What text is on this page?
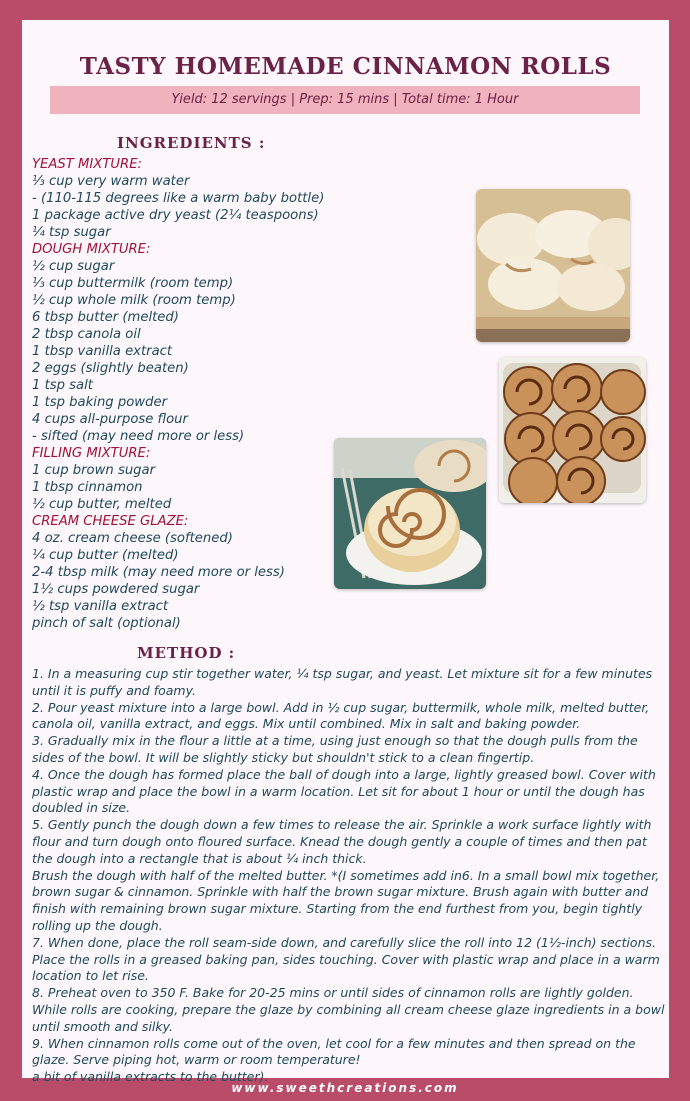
TASTY HOMEMADE CINNAMON ROLLS
Yield: 12 servings | Prep: 15 mins | Total time: 1 Hour
INGREDIENTS :
YEAST MIXTURE:
⅓ cup very warm water
- (110-115 degrees like a warm baby bottle)
1 package active dry yeast (2¼ teaspoons)
¼ tsp sugar
DOUGH MIXTURE:
½ cup sugar
⅓ cup buttermilk (room temp)
½ cup whole milk (room temp)
6 tbsp butter (melted)
2 tbsp canola oil
1 tbsp vanilla extract
2 eggs (slightly beaten)
1 tsp salt
1 tsp baking powder
4 cups all-purpose flour
- sifted (may need more or less)
FILLING MIXTURE:
1 cup brown sugar
1 tbsp cinnamon
½ cup butter, melted
CREAM CHEESE GLAZE:
4 oz. cream cheese (softened)
¼ cup butter (melted)
2-4 tbsp milk (may need more or less)
1½ cups powdered sugar
½ tsp vanilla extract
pinch of salt (optional)
METHOD :

1. In a measuring cup stir together water, ¼ tsp sugar, and yeast. Let mixture sit for a few minutes until it is puffy and foamy.

2. Pour yeast mixture into a large bowl. Add in ½ cup sugar, buttermilk, whole milk, melted butter, canola oil, vanilla extract, and eggs. Mix until combined. Mix in salt and baking powder.

3. Gradually mix in the flour a little at a time, using just enough so that the dough pulls from the sides of the bowl. It will be slightly sticky but shouldn't stick to a clean fingertip.

4. Once the dough has formed place the ball of dough into a large, lightly greased bowl. Cover with plastic wrap and place the bowl in a warm location. Let sit for about 1 hour or until the dough has doubled in size.

5. Gently punch the dough down a few times to release the air. Sprinkle a work surface lightly with flour and turn dough onto floured surface. Knead the dough gently a couple of times and then pat the dough into a rectangle that is about ¼ inch thick.

Brush the dough with half of the melted butter. *(I sometimes add in6. In a small bowl mix together, brown sugar & cinnamon. Sprinkle with half the brown sugar mixture. Brush again with butter and finish with remaining brown sugar mixture. Starting from the end furthest from you, begin tightly rolling up the dough.

7. When done, place the roll seam-side down, and carefully slice the roll into 12 (1½-inch) sections. Place the rolls in a greased baking pan, sides touching. Cover with plastic wrap and place in a warm location to let rise.

8. Preheat oven to 350 F. Bake for 20-25 mins or until sides of cinnamon rolls are lightly golden. While rolls are cooking, prepare the glaze by combining all cream cheese glaze ingredients in a bowl until smooth and silky.

9. When cinnamon rolls come out of the oven, let cool for a few minutes and then spread on the glaze. Serve piping hot, warm or room temperature!

a bit of vanilla extracts to the butter).

www.sweethcreations.com
